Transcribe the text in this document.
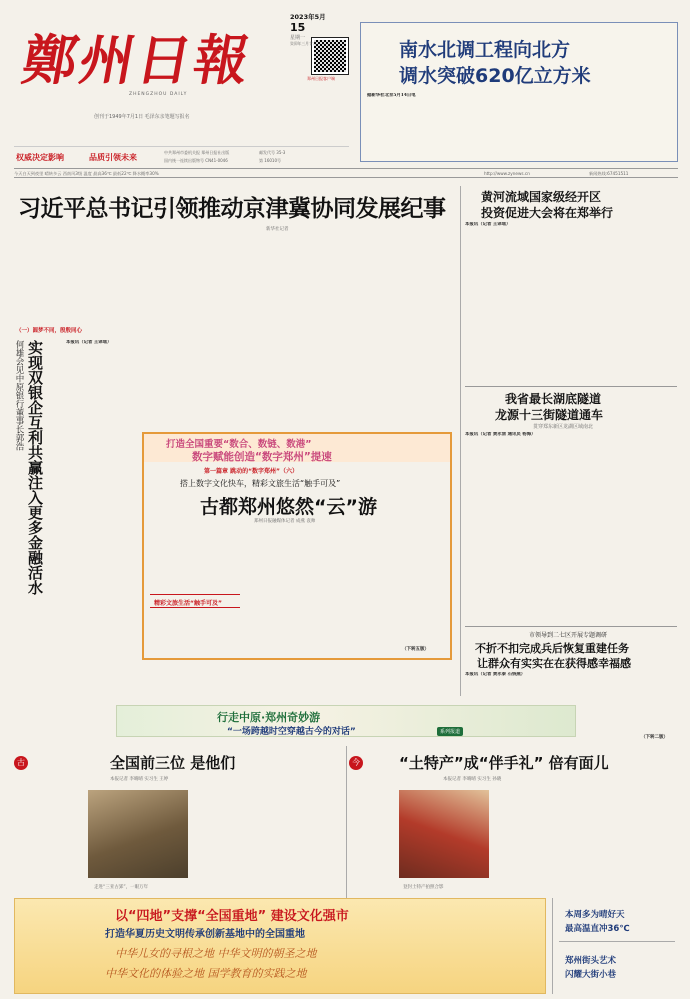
鄭州日報
ZHENGZHOU DAILY
郑州日报客户端
创刊于1949年7月1日 毛泽东亲笔题写报名
2023年5月
15
星期一
癸卯年三月廿六
权威决定影响	品质引领未来
中共郑州市委机关报 郑州日报社出版
国内统一连续出版物号 CN41-0046
邮发代号 35-3
第 16010号
南水北调工程向北方
调水突破620亿立方米
据新华社北京5月14日电
今天白天到夜里 晴转多云 西南风3级 温度 最高36℃ 最低22℃ 降水概率30%	http://www.zynews.cn	新闻热线:67451511
习近平总书记引领推动京津冀协同发展纪事
新华社记者
（一）圆梦不同，殷殷同心
何雄会见中原银行董事长郭浩 实现双银企互利共赢注入更多金融活水	本报讯（记者 王译瑶）
打造全国重要“数合、数链、数港”
数字赋能创造“数字郑州”提速
第一篇章 跳动的“数字郑州”（六）
搭上数字文化快车，精彩文旅生活“触手可及”
古都郑州悠然“云”游
郑州日报融媒体记者 成燕 袁帅
精彩文旅生活“触手可及”
（下转五版）
黄河流域国家级经开区
投资促进大会将在郑举行
本报讯（记者 王译瑶）
我省最长湖底隧道
龙源十三街隧道通车
贯穿郑东新区龙湖区域南北
本报讯（记者 黄永清 通讯员 杨海）
市领导到二七区开展专题调研
不折不扣完成兵后恢复重建任务
让群众有实实在在获得感幸福感
本报讯（记者 黄永泰 石钱燕）
（下转二版）
行走中原·郑州奇妙游
“一场跨越时空穿越古今的对话”	系列报道
古	全国前三位 是他们
本报记者 李晴晴 实习生 王婷
走进“三亚古郢”，一眼万年
今	“土特产”成“伴手礼” 倍有面儿
本报记者 李晴晴 实习生 孙晓
登封土特产拍照合影
以“四地”支撑“全国重地” 建设文化强市
打造华夏历史文明传承创新基地中的全国重地
中华儿女的寻根之地 中华文明的朝圣之地
中华文化的体验之地 国学教育的实践之地
本周多为晴好天
最高温直冲36℃
郑州街头艺术
闪耀大街小巷
